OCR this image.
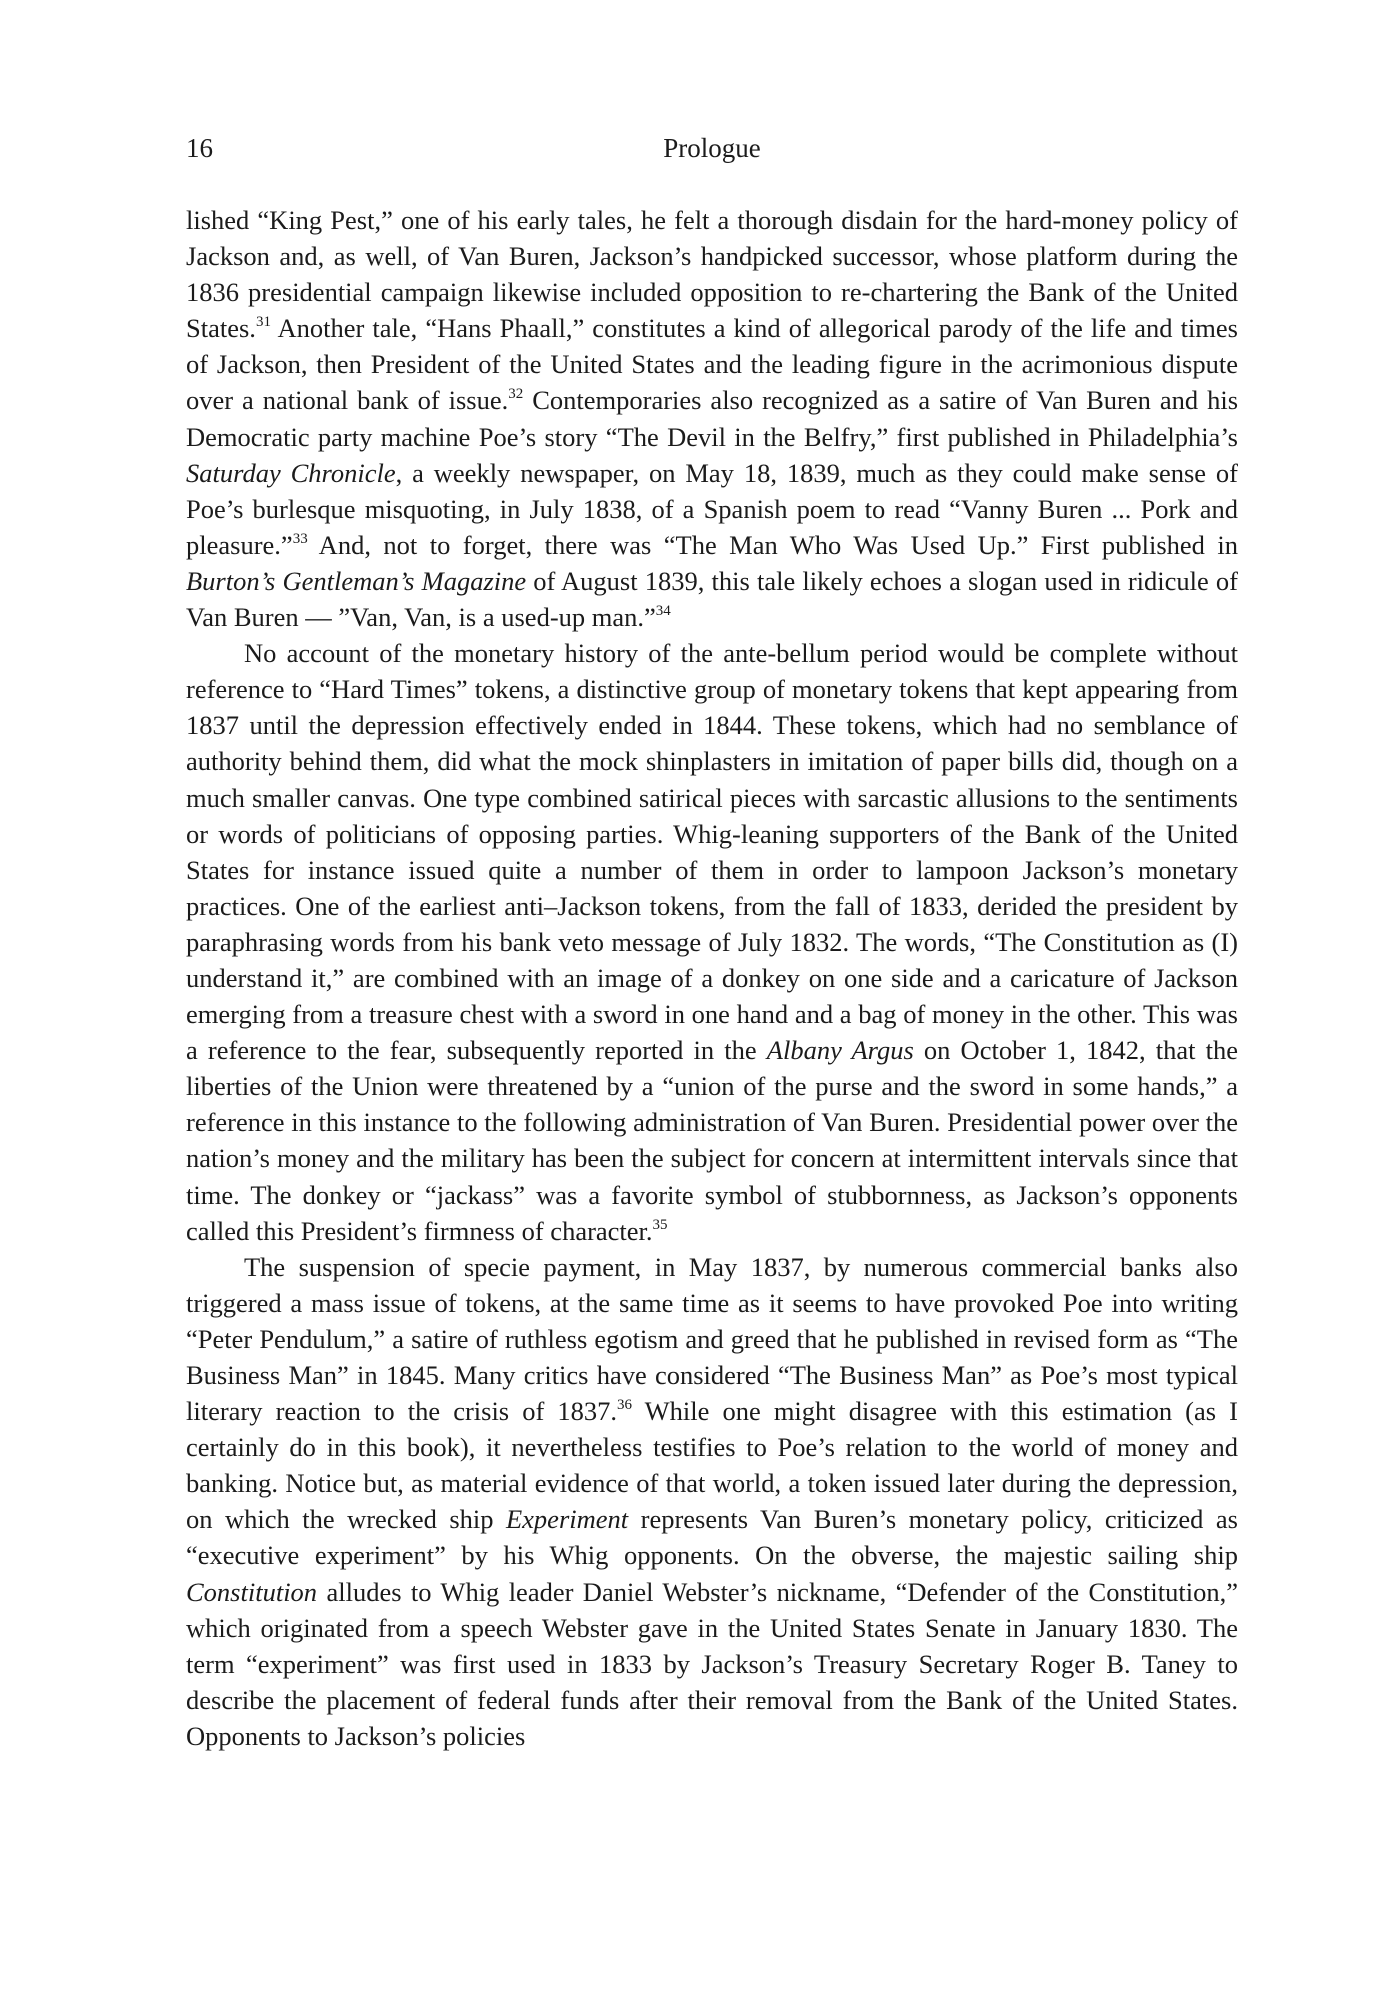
16	Prologue

lished “King Pest,” one of his early tales, he felt a thorough disdain for the hard-money policy of Jackson and, as well, of Van Buren, Jackson’s handpicked successor, whose platform during the 1836 presidential campaign likewise included opposition to re-chartering the Bank of the United States.$^{31}$ Another tale, “Hans Phaall,” constitutes a kind of allegorical parody of the life and times of Jackson, then President of the United States and the leading figure in the acrimonious dispute over a national bank of issue.$^{32}$ Contemporaries also recognized as a satire of Van Buren and his Democratic party machine Poe’s story “The Devil in the Belfry,” first published in Philadelphia’s Saturday Chronicle, a weekly newspaper, on May 18, 1839, much as they could make sense of Poe’s burlesque misquoting, in July 1838, of a Spanish poem to read “Vanny Buren ... Pork and pleasure.”$^{33}$ And, not to forget, there was “The Man Who Was Used Up.” First published in Burton’s Gentleman’s Magazine of August 1839, this tale likely echoes a slogan used in ridicule of Van Buren — ”Van, Van, is a used-up man.”$^{34}$

No account of the monetary history of the ante-bellum period would be complete without reference to “Hard Times” tokens, a distinctive group of monetary tokens that kept appearing from 1837 until the depression effectively ended in 1844. These tokens, which had no semblance of authority behind them, did what the mock shinplasters in imitation of paper bills did, though on a much smaller canvas. One type combined satirical pieces with sarcastic allusions to the sentiments or words of politicians of opposing parties. Whig-leaning supporters of the Bank of the United States for instance issued quite a number of them in order to lampoon Jackson’s monetary practices. One of the earliest anti–Jackson tokens, from the fall of 1833, derided the president by paraphrasing words from his bank veto message of July 1832. The words, “The Constitution as (I) understand it,” are combined with an image of a donkey on one side and a caricature of Jackson emerging from a treasure chest with a sword in one hand and a bag of money in the other. This was a reference to the fear, subsequently reported in the Albany Argus on October 1, 1842, that the liberties of the Union were threatened by a “union of the purse and the sword in some hands,” a reference in this instance to the following administration of Van Buren. Presidential power over the nation’s money and the military has been the subject for concern at intermittent intervals since that time. The donkey or “jackass” was a favorite symbol of stubbornness, as Jackson’s opponents called this President’s firmness of character.$^{35}$

The suspension of specie payment, in May 1837, by numerous commercial banks also triggered a mass issue of tokens, at the same time as it seems to have provoked Poe into writing “Peter Pendulum,” a satire of ruthless egotism and greed that he published in revised form as “The Business Man” in 1845. Many critics have considered “The Business Man” as Poe’s most typical literary reaction to the crisis of 1837.36 While one might disagree with this estimation (as I certainly do in this book), it nevertheless testifies to Poe’s relation to the world of money and banking. Notice but, as material evidence of that world, a token issued later during the depression, on which the wrecked ship Experiment represents Van Buren’s monetary policy, criticized as “executive experiment” by his Whig opponents. On the obverse, the majestic sailing ship Constitution alludes to Whig leader Daniel Webster’s nickname, “Defender of the Constitution,” which originated from a speech Webster gave in the United States Senate in January 1830. The term “experiment” was first used in 1833 by Jackson’s Treasury Secretary Roger B. Taney to describe the placement of federal funds after their removal from the Bank of the United States. Opponents to Jackson’s policies
